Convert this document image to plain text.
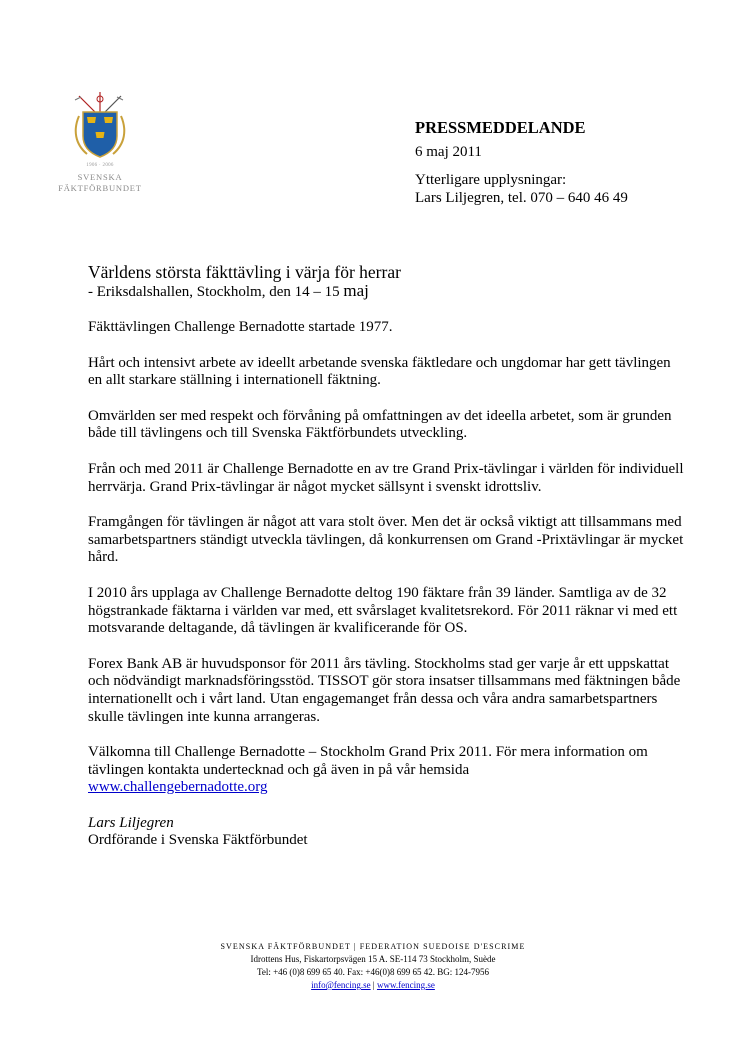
1906 · 2006
SVENSKA
FÄKTFÖRBUNDET
PRESSMEDDELANDE
6 maj 2011
Ytterligare upplysningar:
Lars Liljegren, tel. 070 – 640 46 49
Världens största fäkttävling i värja för herrar
- Eriksdalshallen, Stockholm, den 14 – 15 maj

Fäkttävlingen Challenge Bernadotte startade 1977.

Hårt och intensivt arbete av ideellt arbetande svenska fäktledare och ungdomar har gett tävlingen en allt starkare ställning i internationell fäktning.

Omvärlden ser med respekt och förvåning på omfattningen av det ideella arbetet, som är grunden både till tävlingens och till Svenska Fäktförbundets utveckling.

Från och med 2011 är Challenge Bernadotte en av tre Grand Prix-tävlingar i världen för individuell herrvärja. Grand Prix-tävlingar är något mycket sällsynt i svenskt idrottsliv.

Framgången för tävlingen är något att vara stolt över. Men det är också viktigt att tillsammans med samarbetspartners ständigt utveckla tävlingen, då konkurrensen om Grand -Prixtävlingar är mycket hård.

I 2010 års upplaga av Challenge Bernadotte deltog 190 fäktare från 39 länder. Samtliga av de 32 högstrankade fäktarna i världen var med, ett svårslaget kvalitetsrekord. För 2011 räknar vi med ett motsvarande deltagande, då tävlingen är kvalificerande för OS.

Forex Bank AB är huvudsponsor för 2011 års tävling. Stockholms stad ger varje år ett uppskattat och nödvändigt marknadsföringsstöd. TISSOT gör stora insatser tillsammans med fäktningen både internationellt och i vårt land. Utan engagemanget från dessa och våra andra samarbetspartners skulle tävlingen inte kunna arrangeras.

Välkomna till Challenge Bernadotte – Stockholm Grand Prix 2011. För mera information om tävlingen kontakta undertecknad och gå även in på vår hemsida
www.challengebernadotte.org

Lars Liljegren
Ordförande i Svenska Fäktförbundet
SVENSKA FÄKTFÖRBUNDET | FEDERATION SUEDOISE D'ESCRIME
Idrottens Hus, Fiskartorpsvägen 15 A. SE-114 73 Stockholm, Suède
Tel: +46 (0)8 699 65 40. Fax: +46(0)8 699 65 42. BG: 124-7956
info@fencing.se | www.fencing.se
